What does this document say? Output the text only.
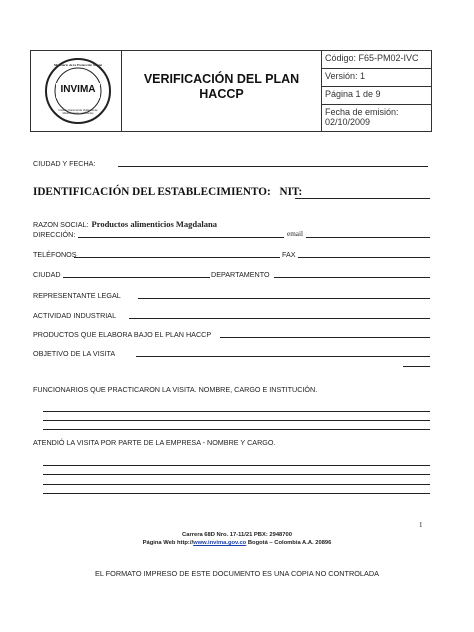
INVIMA
Ministerio de la Protección Social
Instituto Nacional de Vigilancia de Medicamentos y Alimentos
VERIFICACIÓN DEL PLAN
HACCP
Código: F65-PM02-IVC
Versión: 1
Página 1 de 9
Fecha de emisión:
02/10/2009
CIUDAD Y FECHA:
IDENTIFICACIÓN DEL ESTABLECIMIENTO: NIT:
RAZON SOCIAL: Productos alimenticios Magdalana
DIRECCIÓN:	email
TELÉFONOS	FAX
CIUDAD	DEPARTAMENTO
REPRESENTANTE LEGAL
ACTIVIDAD INDUSTRIAL
PRODUCTOS QUE ELABORA BAJO EL PLAN HACCP
OBJETIVO DE LA VISITA
FUNCIONARIOS QUE PRACTICARON LA VISITA. NOMBRE, CARGO E INSTITUCIÓN.
ATENDIÓ LA VISITA POR PARTE DE LA EMPRESA - NOMBRE Y CARGO.
1
Carrera 68D Nro. 17-11/21 PBX: 2948700
Página Web http://www.invima.gov.co Bogotá – Colombia A.A. 20896
EL FORMATO IMPRESO DE ESTE DOCUMENTO ES UNA COPIA NO CONTROLADA
